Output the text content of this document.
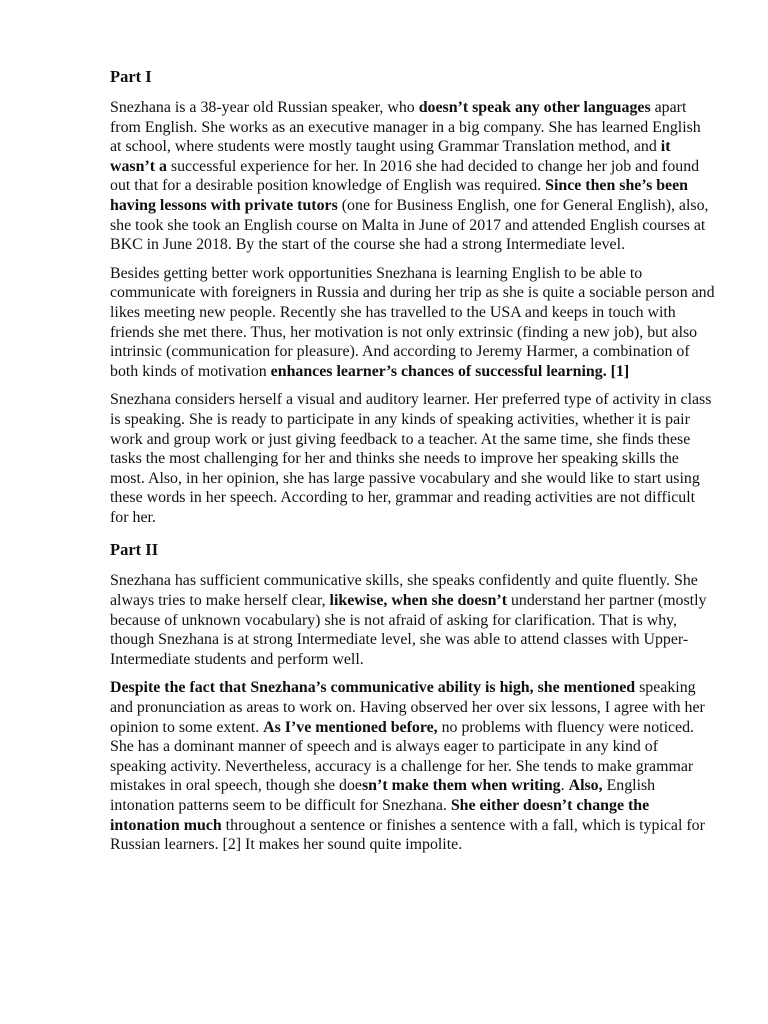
Part I

Snezhana is a 38-year old Russian speaker, who doesn’t speak any other languages apart from English. She works as an executive manager in a big company. She has learned English at school, where students were mostly taught using Grammar Translation method, and it wasn’t a successful experience for her. In 2016 she had decided to change her job and found out that for a desirable position knowledge of English was required. Since then she’s been having lessons with private tutors (one for Business English, one for General English), also, she took she took an English course on Malta in June of 2017 and attended English courses at BKC in June 2018. By the start of the course she had a strong Intermediate level.

Besides getting better work opportunities Snezhana is learning English to be able to communicate with foreigners in Russia and during her trip as she is quite a sociable person and likes meeting new people. Recently she has travelled to the USA and keeps in touch with friends she met there. Thus, her motivation is not only extrinsic (finding a new job), but also intrinsic (communication for pleasure). And according to Jeremy Harmer, a combination of both kinds of motivation enhances learner’s chances of successful learning. [1]

Snezhana considers herself a visual and auditory learner. Her preferred type of activity in class is speaking. She is ready to participate in any kinds of speaking activities, whether it is pair work and group work or just giving feedback to a teacher. At the same time, she finds these tasks the most challenging for her and thinks she needs to improve her speaking skills the most. Also, in her opinion, she has large passive vocabulary and she would like to start using these words in her speech. According to her, grammar and reading activities are not difficult for her.

Part II

Snezhana has sufficient communicative skills, she speaks confidently and quite fluently. She always tries to make herself clear, likewise, when she doesn’t understand her partner (mostly because of unknown vocabulary) she is not afraid of asking for clarification. That is why, though Snezhana is at strong Intermediate level, she was able to attend classes with Upper-Intermediate students and perform well.

Despite the fact that Snezhana’s communicative ability is high, she mentioned speaking and pronunciation as areas to work on. Having observed her over six lessons, I agree with her opinion to some extent. As I’ve mentioned before, no problems with fluency were noticed. She has a dominant manner of speech and is always eager to participate in any kind of speaking activity. Nevertheless, accuracy is a challenge for her. She tends to make grammar mistakes in oral speech, though she doesn’t make them when writing. Also, English intonation patterns seem to be difficult for Snezhana. She either doesn’t change the intonation much throughout a sentence or finishes a sentence with a fall, which is typical for Russian learners. [2] It makes her sound quite impolite.
